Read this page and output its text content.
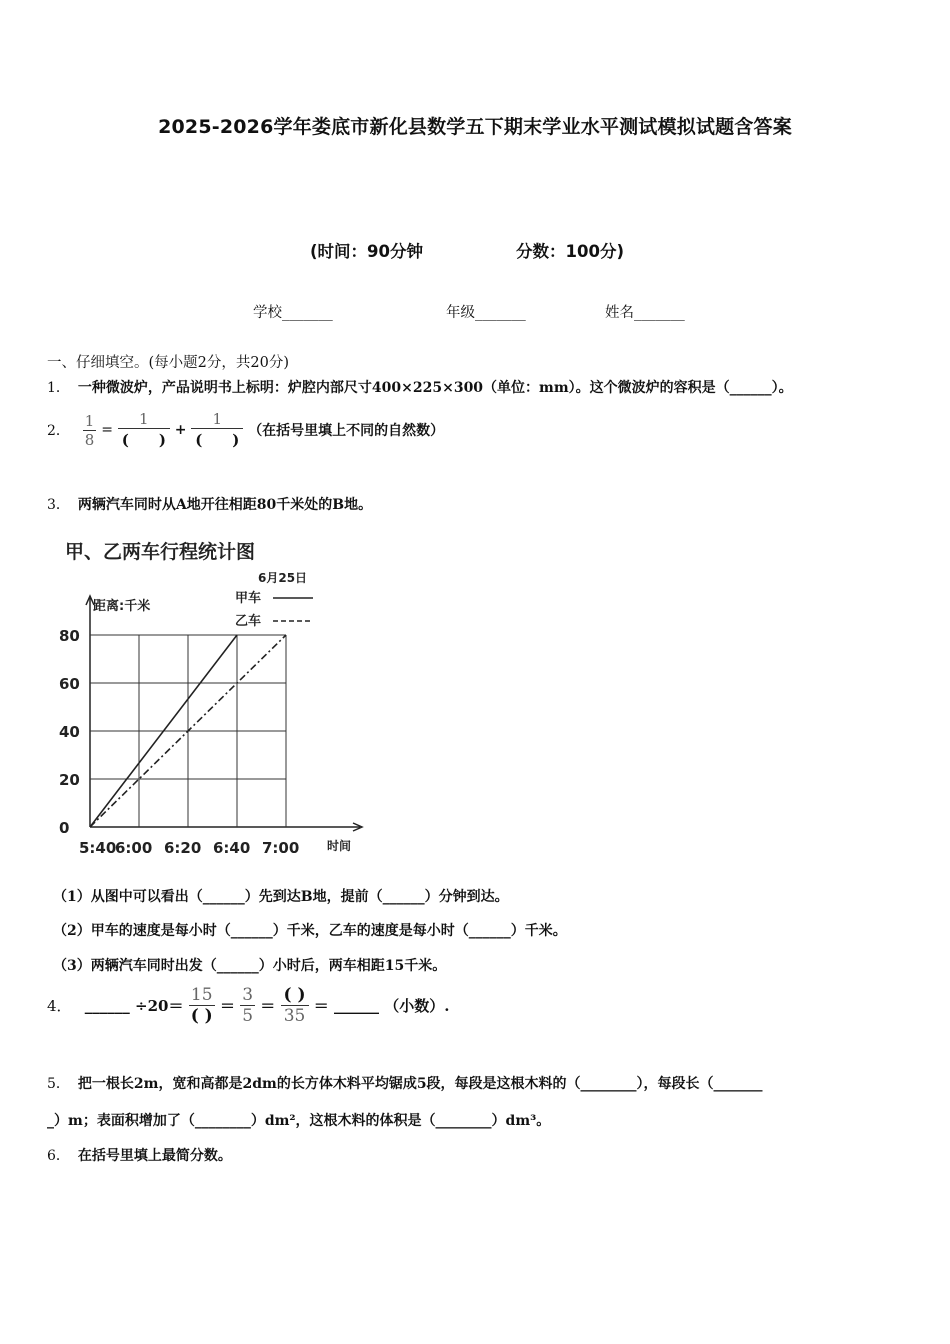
2025-2026学年娄底市新化县数学五下期末学业水平测试模拟试题含答案
(时间：90分钟	分数：100分)
学校_______	年级_______	姓名_______
一、仔细填空。(每小题2分，共20分)
1． 一种微波炉，产品说明书上标明：炉腔内部尺寸400×225×300（单位：mm）。这个微波炉的容积是（______）。
2． $\frac{1}{8} = \frac{1}{( )} + \frac{1}{( )}$ （在括号里填上不同的自然数）
3． 两辆汽车同时从A地开往相距80千米处的B地。
甲、乙两车行程统计图
6月25日
距离:千米
时间
甲车
乙车
0
20
40
60
80
5:40
6:00 6:20 6:40 7:00
（1）从图中可以看出（______）先到达B地，提前（______）分钟到达。
（2）甲车的速度是每小时（______）千米，乙车的速度是每小时（______）千米。
（3）两辆汽车同时出发（______）小时后，两车相距15千米。
4． ______ $\div 20= \frac{15}{( )} = \frac{3}{5} = \frac{( )}{35}$ ＝ ______ （小数）.
5． 把一根长2m，宽和高都是2dm的长方体木料平均锯成5段，每段是这根木料的（________），每段长（_______
_）m；表面积增加了（________）dm²，这根木料的体积是（________）dm³。
6． 在括号里填上最简分数。
